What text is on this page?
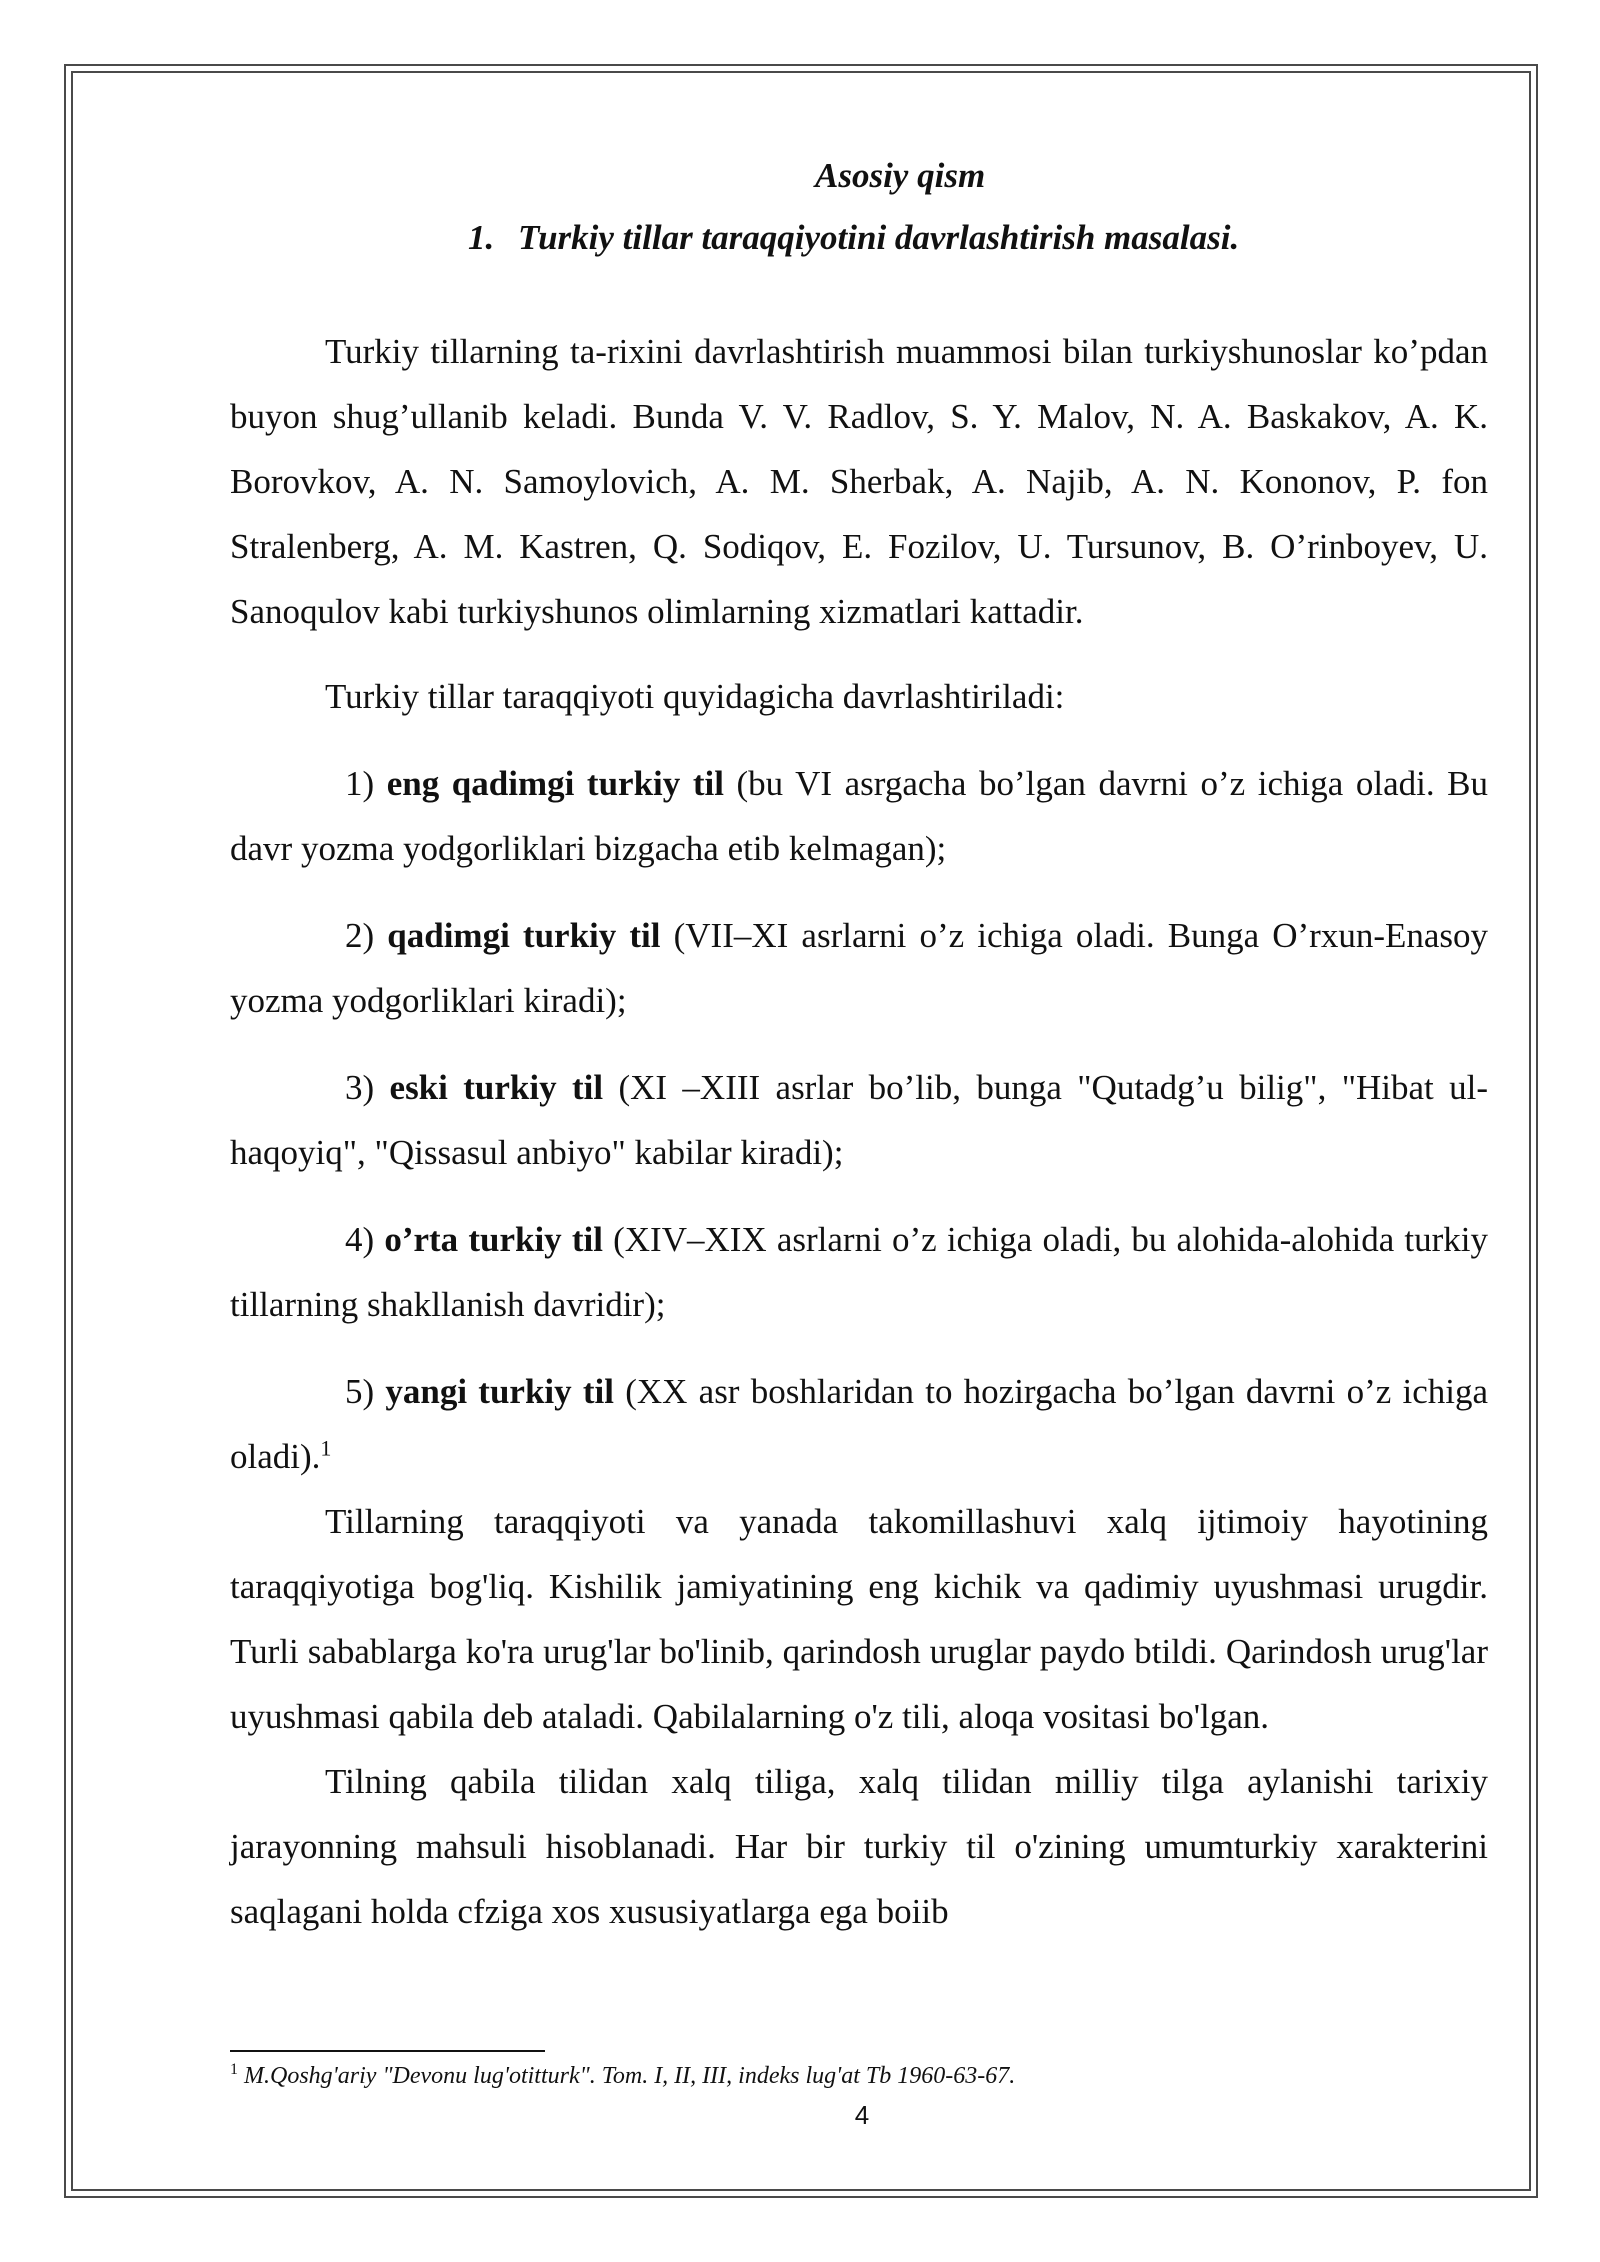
Asosiy qism
1. Turkiy tillar taraqqiyotini davrlashtirish masalasi.

Turkiy tillarning ta-rixini davrlashtirish muammosi bilan turkiyshunoslar ko’pdan buyon shug’ullanib keladi. Bunda V. V. Radlov, S. Y. Malov, N. A. Baskakov, A. K. Borovkov, A. N. Samoylovich, A. M. Sherbak, A. Najib, A. N. Kononov, P. fon Stralenberg, A. M. Kastren, Q. Sodiqov, E. Fozilov, U. Tursunov, B. O’rinboyev, U. Sanoqulov kabi turkiyshunos olimlarning xizmatlari kattadir.

Turkiy tillar taraqqiyoti quyidagicha davrlashtiriladi:

1) eng qadimgi turkiy til (bu VI asrgacha bo’lgan davrni o’z ichiga oladi. Bu davr yozma yodgorliklari bizgacha etib kelmagan);

2) qadimgi turkiy til (VII–XI asrlarni o’z ichiga oladi. Bunga O’rxun-Enasoy yozma yodgorliklari kiradi);

3) eski turkiy til (XI –XIII asrlar bo’lib, bunga "Qutadg’u bilig", "Hibat ul-haqoyiq", "Qissasul anbiyo" kabilar kiradi);

4) o’rta turkiy til (XIV–XIX asrlarni o’z ichiga oladi, bu alohida-alohida turkiy tillarning shakllanish davridir);

5) yangi turkiy til (XX asr boshlaridan to hozirgacha bo’lgan davrni o’z ichiga oladi).$^1$

Tillarning taraqqiyoti va yanada takomillashuvi xalq ijtimoiy hayotining taraqqiyotiga bog'liq. Kishilik jamiyatining eng kichik va qadimiy uyushmasi urugdir. Turli sabablarga ko'ra urug'lar bo'linib, qarindosh uruglar paydo btildi. Qarindosh urug'lar uyushmasi qabila deb ataladi. Qabilalarning o'z tili, aloqa vositasi bo'lgan.

Tilning qabila tilidan xalq tiliga, xalq tilidan milliy tilga aylanishi tarixiy jarayonning mahsuli hisoblanadi. Har bir turkiy til o'zining umumturkiy xarakterini saqlagani holda cfziga xos xususiyatlarga ega boiib

$^1$ M.Qoshg'ariy "Devonu lug'otitturk". Tom. I, II, III, indeks lug'at Tb 1960-63-67.
4
